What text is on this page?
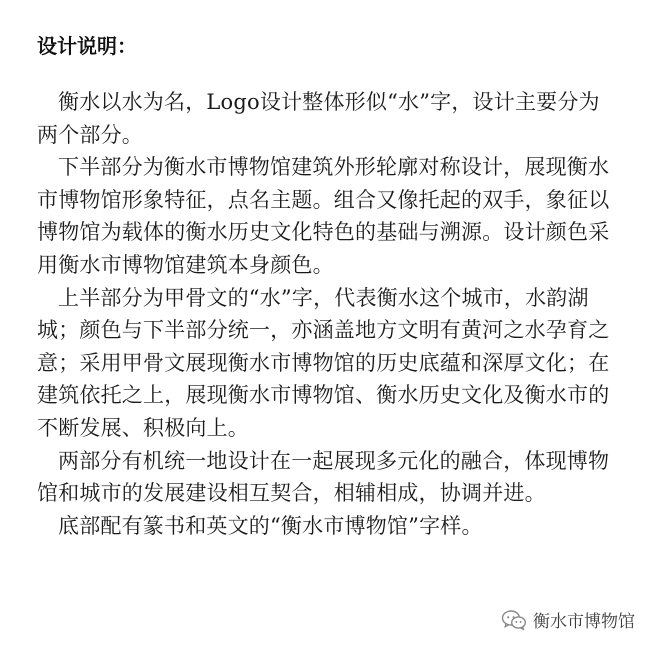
设计说明：

衡水以水为名，Logo设计整体形似“水”字，设计主要分为两个部分。

下半部分为衡水市博物馆建筑外形轮廓对称设计，展现衡水市博物馆形象特征，点名主题。组合又像托起的双手，象征以博物馆为载体的衡水历史文化特色的基础与溯源。设计颜色采用衡水市博物馆建筑本身颜色。

上半部分为甲骨文的“水”字，代表衡水这个城市，水韵湖城；颜色与下半部分统一，亦涵盖地方文明有黄河之水孕育之意；采用甲骨文展现衡水市博物馆的历史底蕴和深厚文化；在建筑依托之上，展现衡水市博物馆、衡水历史文化及衡水市的不断发展、积极向上。

两部分有机统一地设计在一起展现多元化的融合，体现博物馆和城市的发展建设相互契合，相辅相成，协调并进。

底部配有篆书和英文的“衡水市博物馆”字样。

衡水市博物馆
